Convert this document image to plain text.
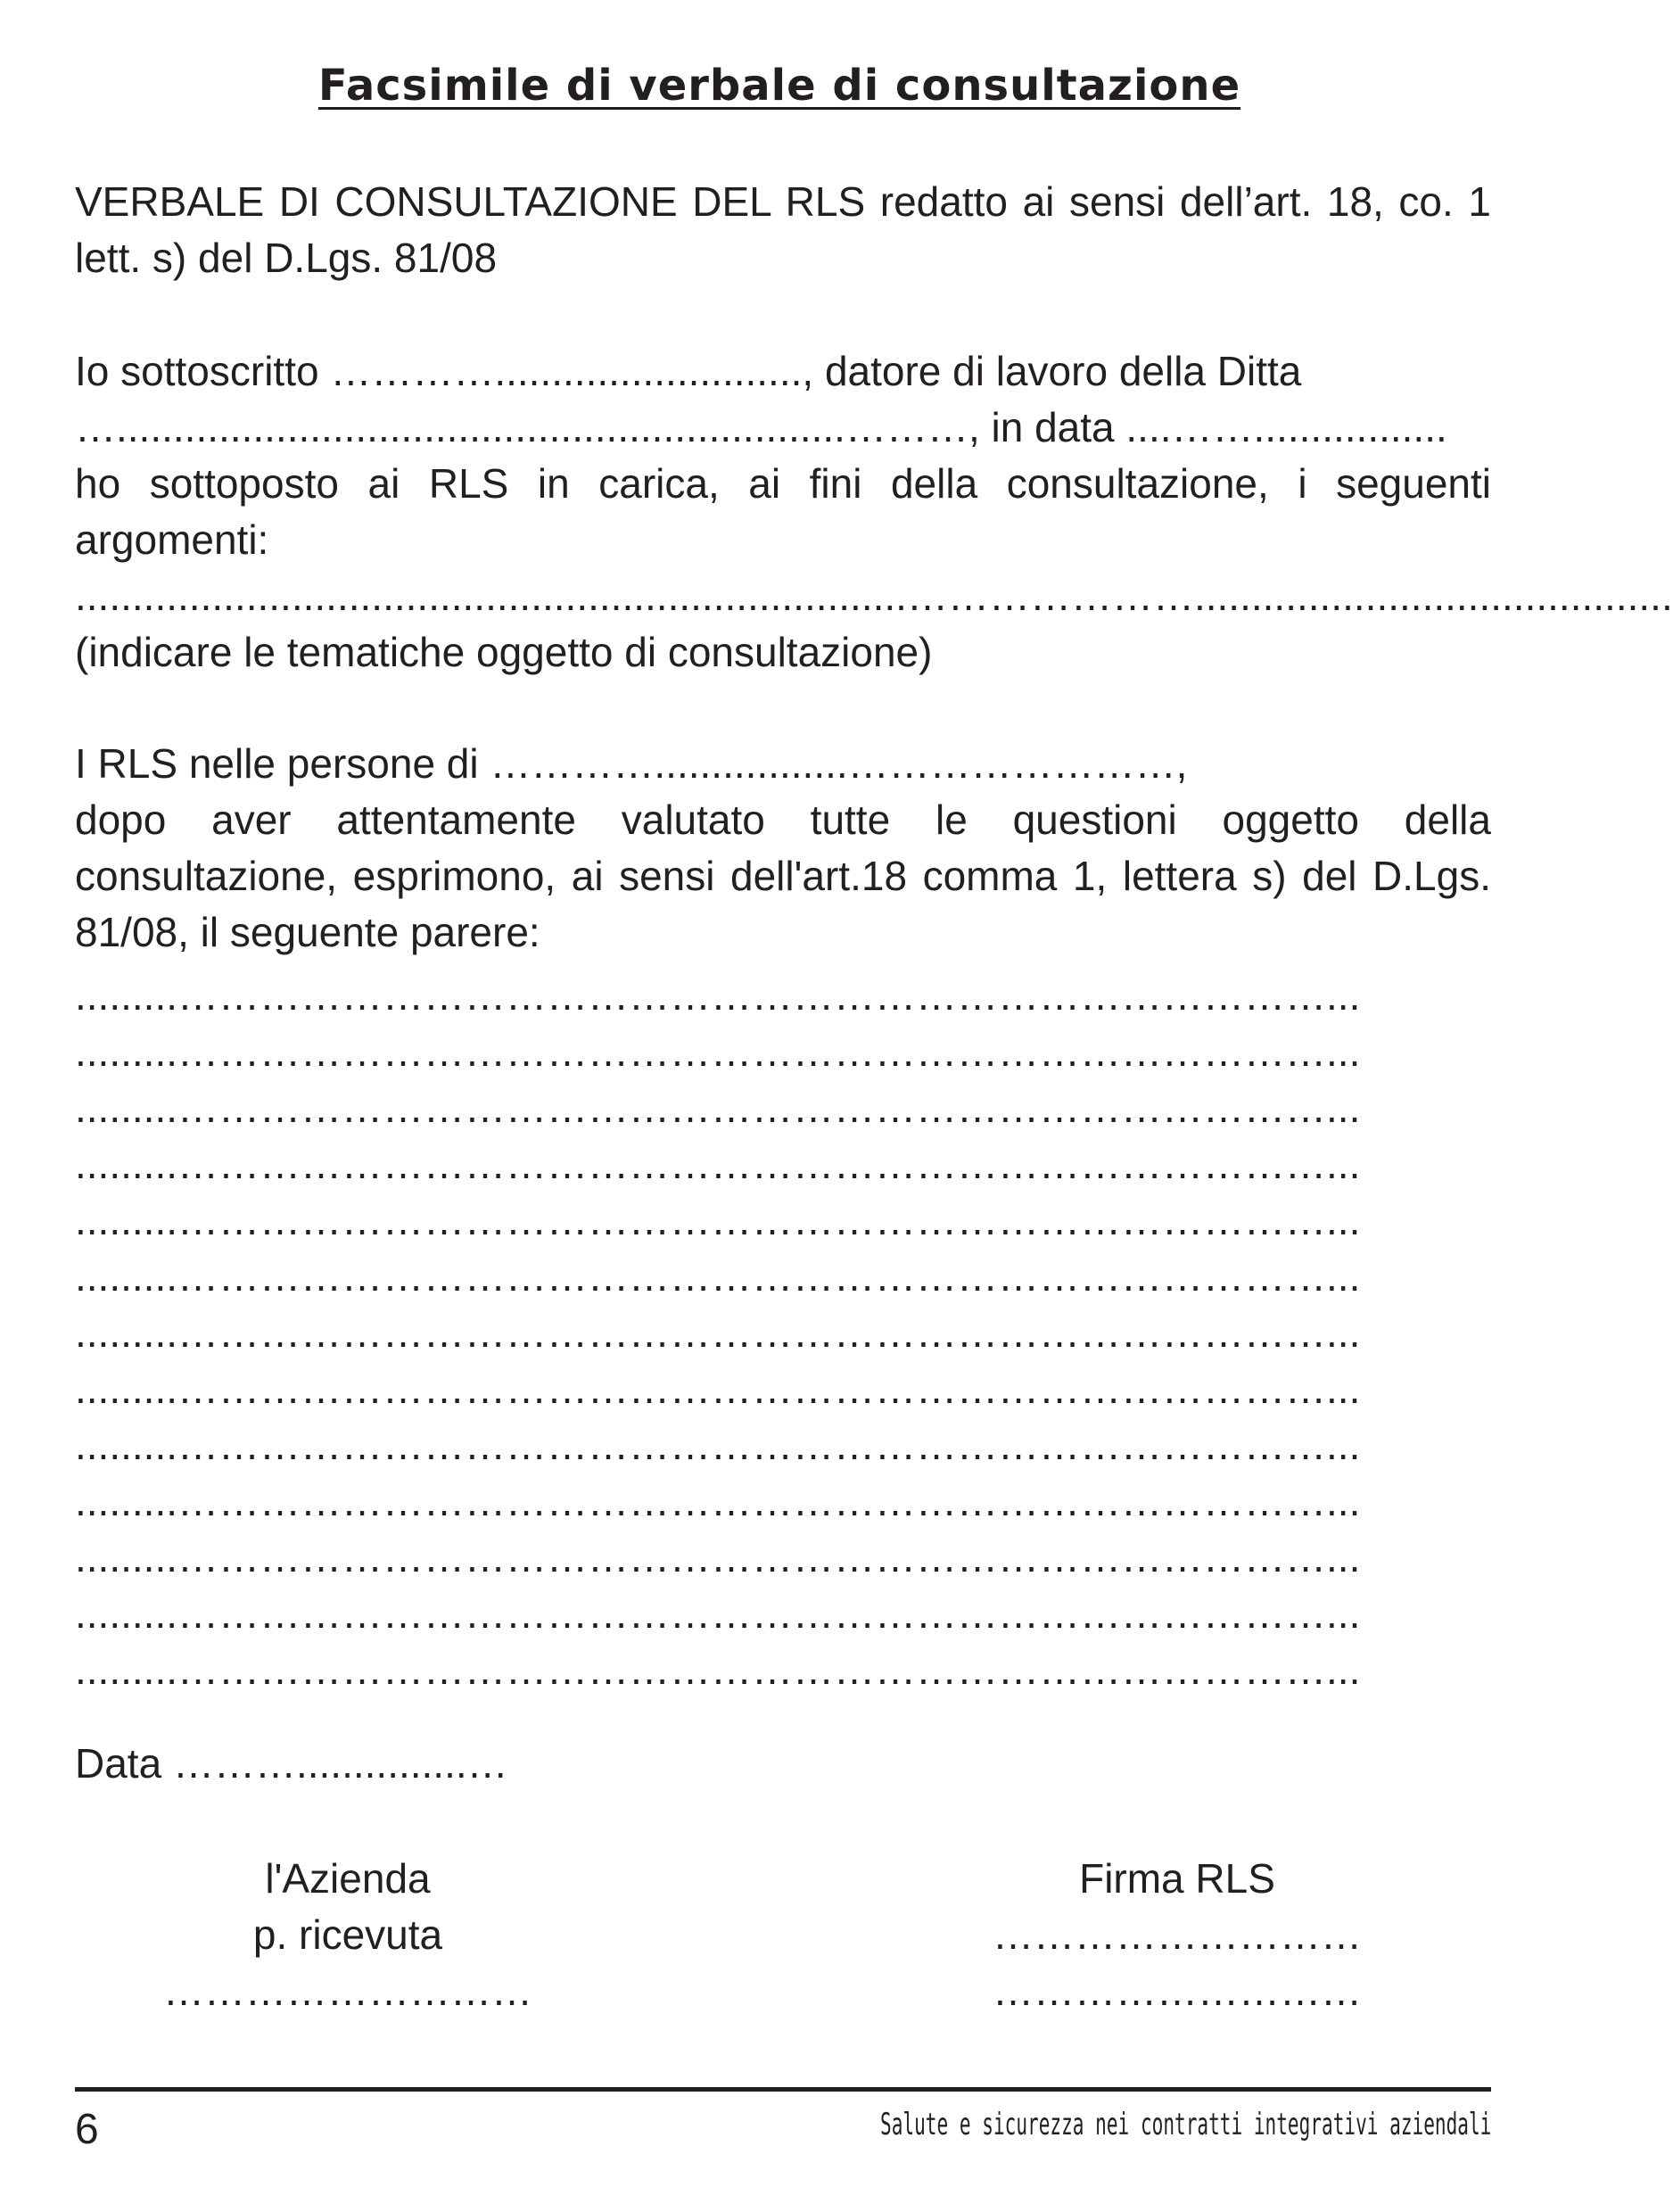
Facsimile di verbale di consultazione
VERBALE DI CONSULTAZIONE DEL RLS redatto ai sensi dell’art. 18, co. 1 lett. s) del D.Lgs. 81/08
Io sottoscritto …………..........................., datore di lavoro della Ditta
…................................................................………, in data ....…….................
ho sottoposto ai RLS in carica, ai fini della consultazione, i seguenti argomenti:
.........................................................................…………………..........................................
(indicare le tematiche oggetto di consultazione)
I RLS nelle persone di ………….................……………………,
dopo aver attentamente valutato tutte le questioni oggetto della consultazione, esprimono, ai sensi dell'art.18 comma 1, lettera s) del D.Lgs. 81/08, il seguente parere:
.........…………………………………………………………………………...
.........…………………………………………………………………………...
.........…………………………………………………………………………...
.........…………………………………………………………………………...
.........…………………………………………………………………………...
.........…………………………………………………………………………...
.........…………………………………………………………………………...
.........…………………………………………………………………………...
.........…………………………………………………………………………...
.........…………………………………………………………………………...
.........…………………………………………………………………………...
.........…………………………………………………………………………...
.........…………………………………………………………………………...
Data ………...............…
l'Azienda
p. ricevuta
………………………
Firma RLS
………………………
………………………
6	Salute e sicurezza nei contratti integrativi aziendali
